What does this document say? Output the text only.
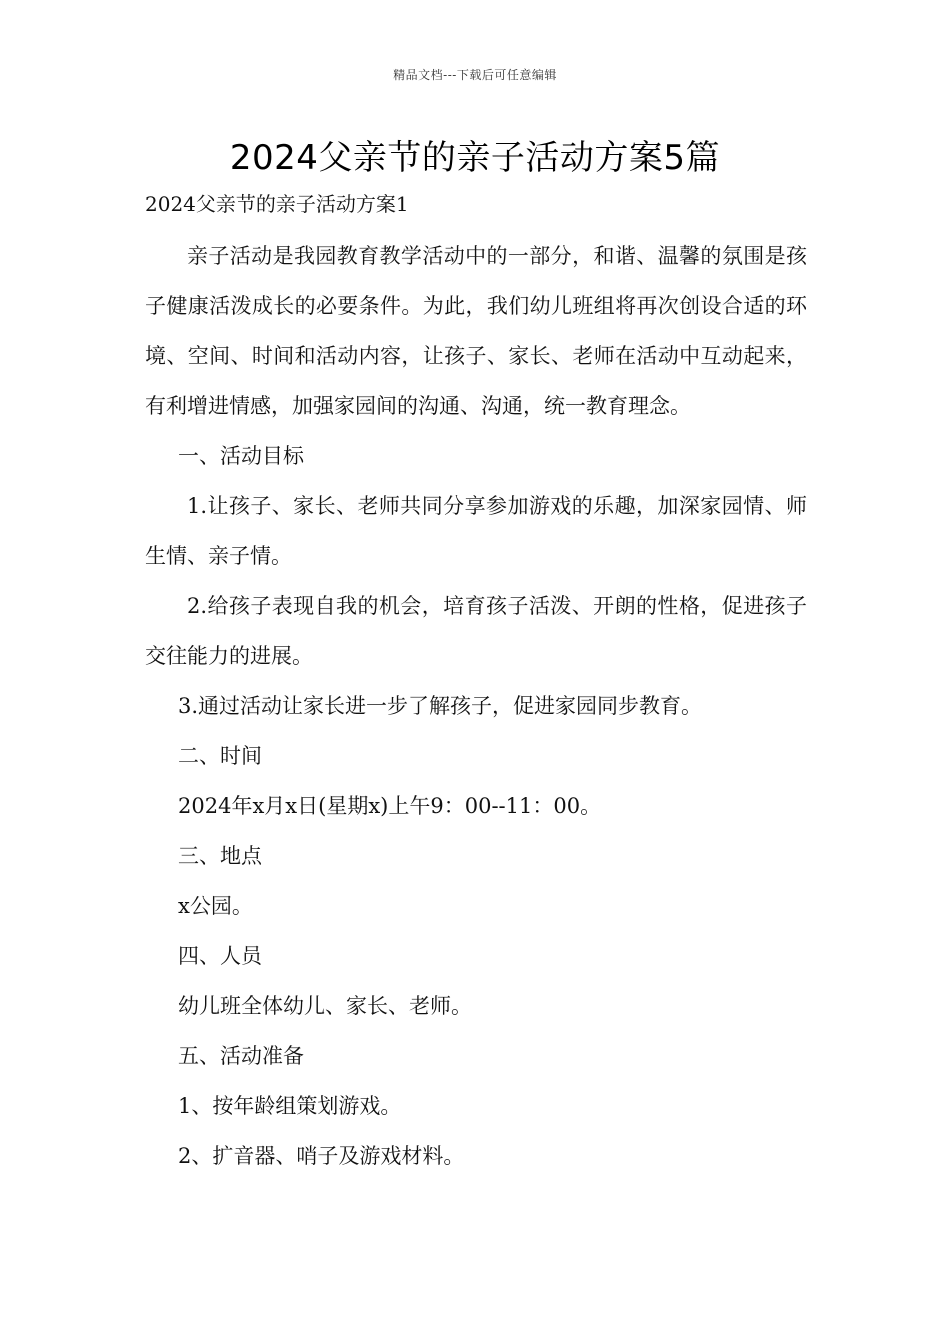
精品文档---下载后可任意编辑
2024父亲节的亲子活动方案5篇
2024父亲节的亲子活动方案1

亲子活动是我园教育教学活动中的一部分，和谐、温馨的氛围是孩子健康活泼成长的必要条件。为此，我们幼儿班组将再次创设合适的环境、空间、时间和活动内容，让孩子、家长、老师在活动中互动起来，有利增进情感，加强家园间的沟通、沟通，统一教育理念。

一、活动目标

1.让孩子、家长、老师共同分享参加游戏的乐趣，加深家园情、师生情、亲子情。

2.给孩子表现自我的机会，培育孩子活泼、开朗的性格，促进孩子交往能力的进展。

3.通过活动让家长进一步了解孩子，促进家园同步教育。

二、时间

2024年x月x日(星期x)上午9：00--11：00。

三、地点

x公园。

四、人员

幼儿班全体幼儿、家长、老师。

五、活动准备

1、按年龄组策划游戏。

2、扩音器、哨子及游戏材料。
